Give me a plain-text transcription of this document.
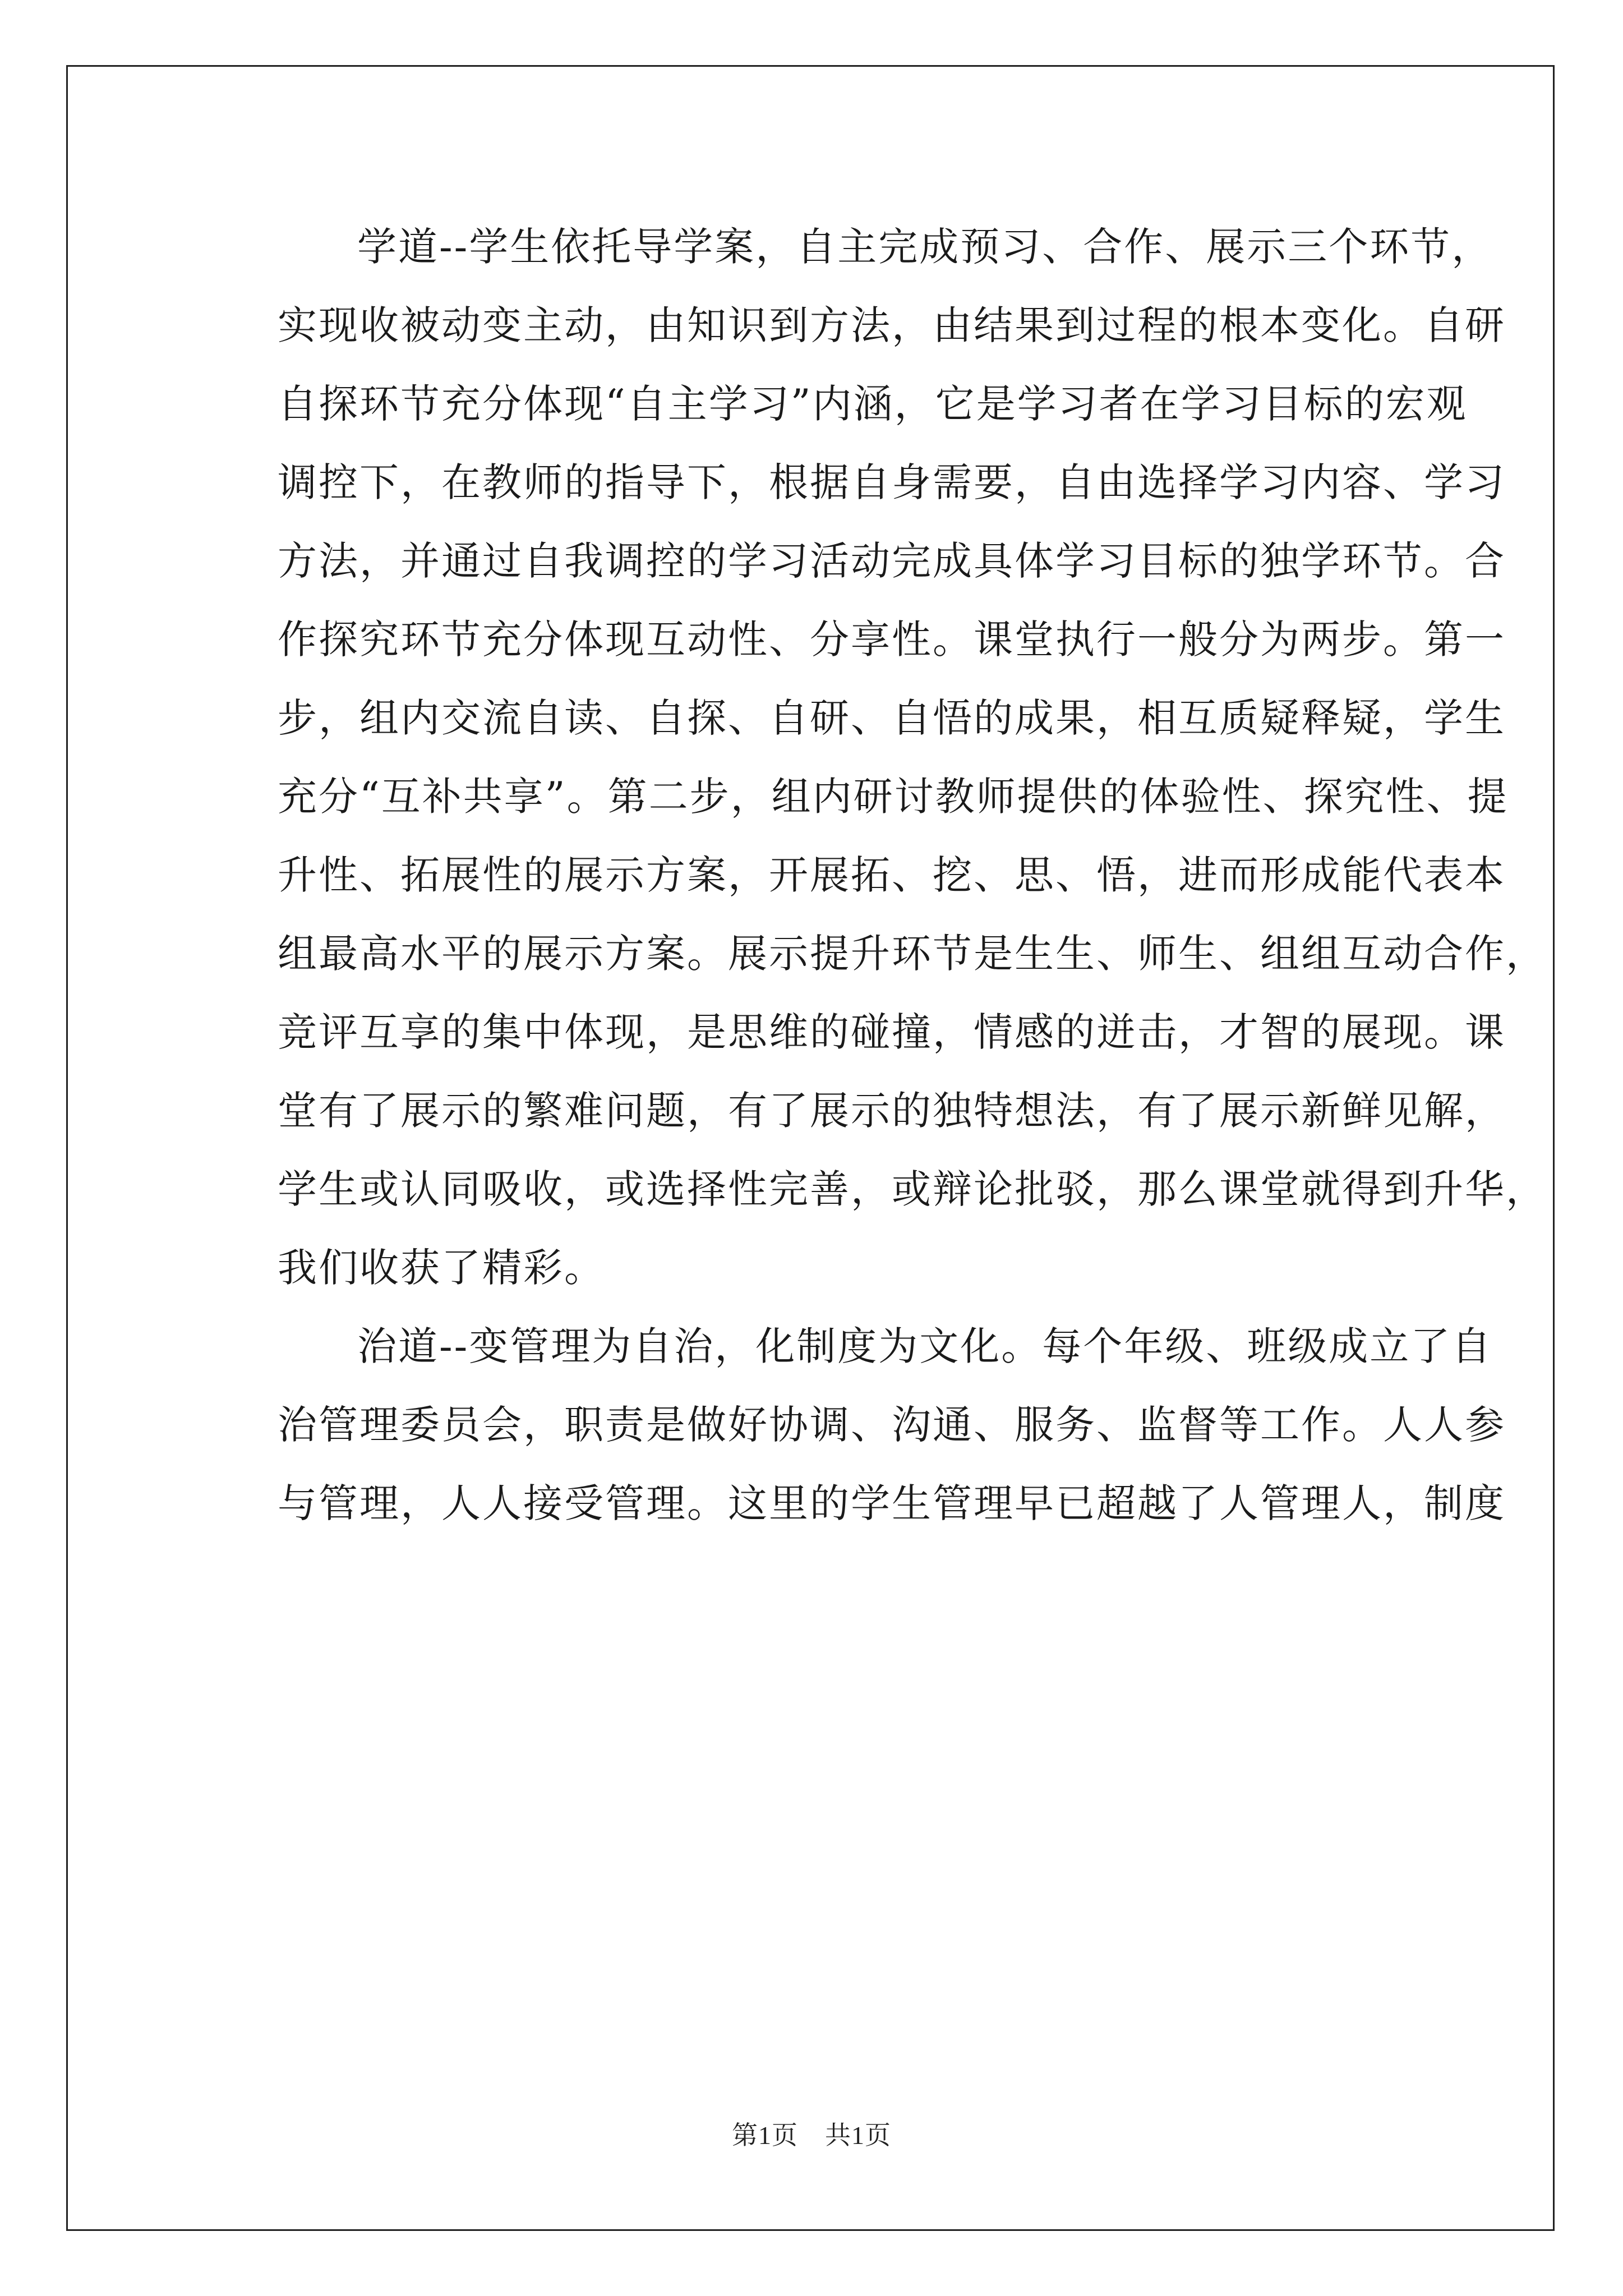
学道--学生依托导学案，自主完成预习、合作、展示三个环节，
实现收被动变主动，由知识到方法，由结果到过程的根本变化。自研
自探环节充分体现“自主学习”内涵，它是学习者在学习目标的宏观
调控下，在教师的指导下，根据自身需要，自由选择学习内容、学习
方法，并通过自我调控的学习活动完成具体学习目标的独学环节。合
作探究环节充分体现互动性、分享性。课堂执行一般分为两步。第一
步，组内交流自读、自探、自研、自悟的成果，相互质疑释疑，学生
充分“互补共享”。第二步，组内研讨教师提供的体验性、探究性、提
升性、拓展性的展示方案，开展拓、挖、思、悟，进而形成能代表本
组最高水平的展示方案。展示提升环节是生生、师生、组组互动合作，
竞评互享的集中体现，是思维的碰撞，情感的迸击，才智的展现。课
堂有了展示的繁难问题，有了展示的独特想法，有了展示新鲜见解，
学生或认同吸收，或选择性完善，或辩论批驳，那么课堂就得到升华，
我们收获了精彩。
治道--变管理为自治，化制度为文化。每个年级、班级成立了自
治管理委员会，职责是做好协调、沟通、服务、监督等工作。人人参
与管理，人人接受管理。这里的学生管理早已超越了人管理人，制度
第1页 共1页
